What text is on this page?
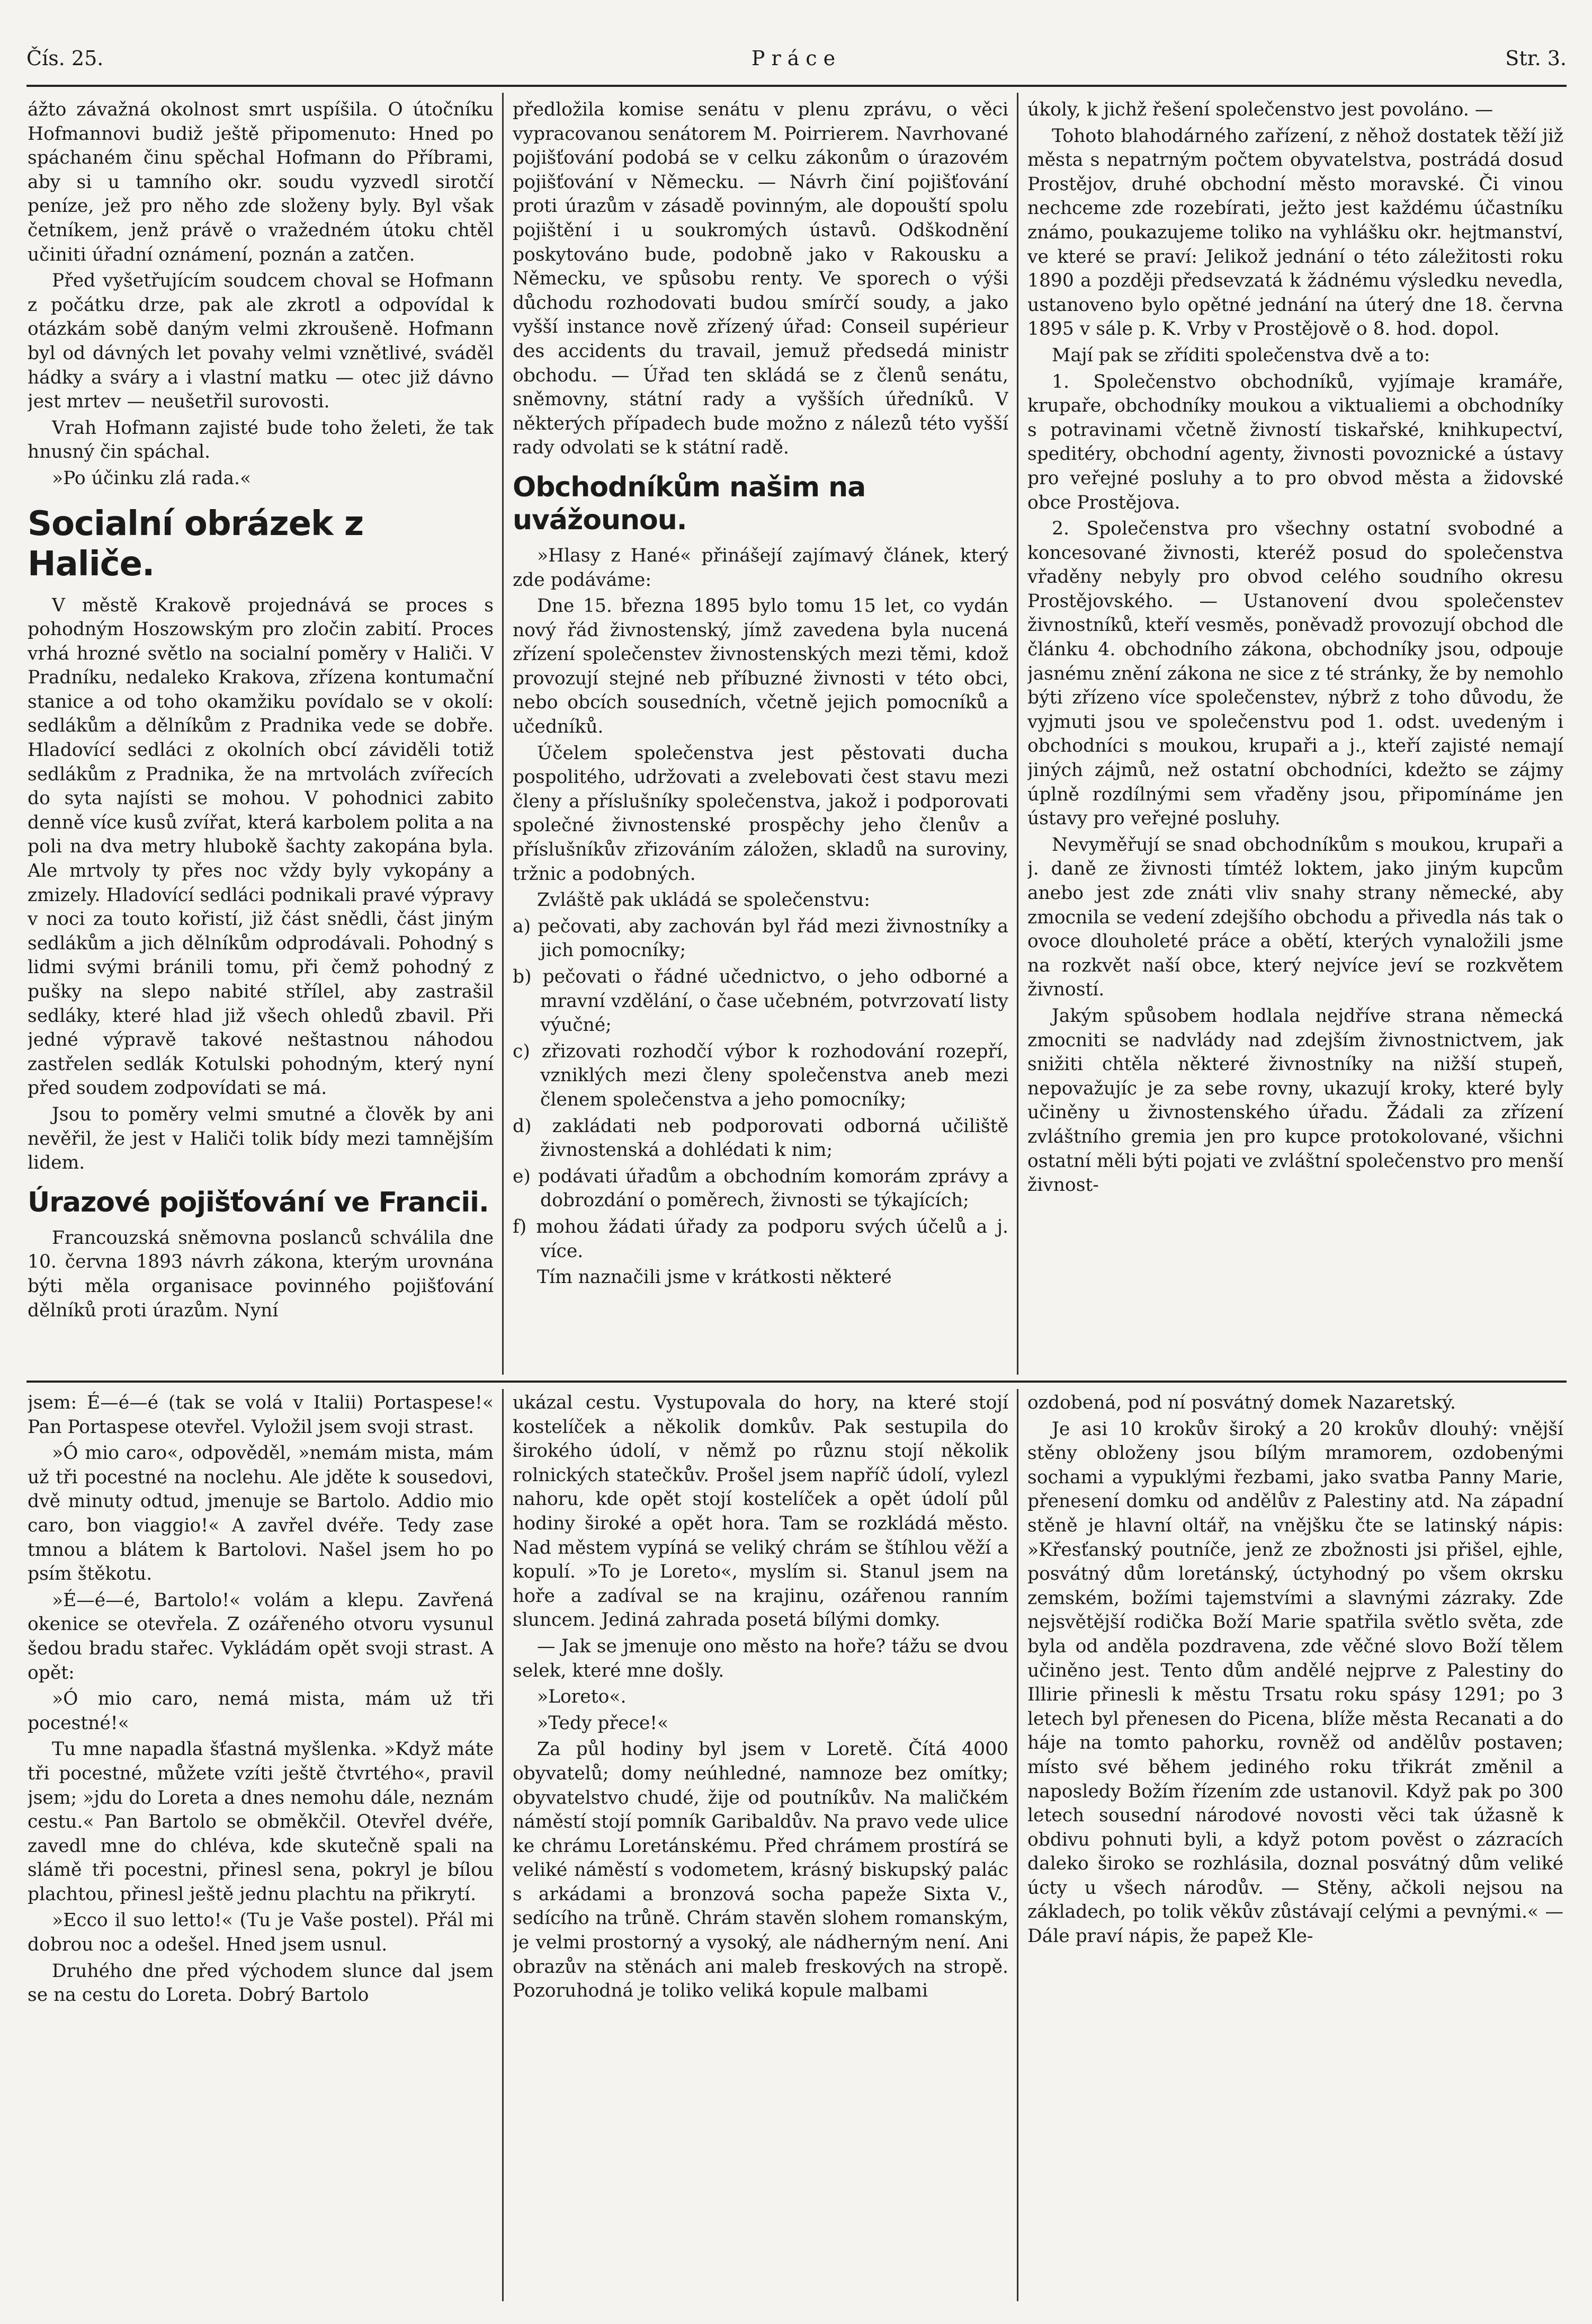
Čís. 25.	Práce	Str. 3.

ážto závažná okolnost smrt uspíšila. O útočníku Hofmannovi budiž ještě připomenuto: Hned po spáchaném činu spěchal Hofmann do Příbrami, aby si u tamního okr. soudu vyzvedl sirotčí peníze, jež pro něho zde složeny byly. Byl však četníkem, jenž právě o vražedném útoku chtěl učiniti úřadní oznámení, poznán a zatčen.

Před vyšetřujícím soudcem choval se Hofmann z počátku drze, pak ale zkrotl a odpovídal k otázkám sobě daným velmi zkroušeně. Hofmann byl od dávných let povahy velmi vznětlivé, sváděl hádky a sváry a i vlastní matku — otec již dávno jest mrtev — neušetřil surovosti.

Vrah Hofmann zajisté bude toho želeti, že tak hnusný čin spáchal.

»Po účinku zlá rada.«

Socialní obrázek z Haliče.

V městě Krakově projednává se proces s pohodným Hoszowským pro zločin zabití. Proces vrhá hrozné světlo na socialní poměry v Haliči. V Pradníku, nedaleko Krakova, zřízena kontumační stanice a od toho okamžiku povídalo se v okolí: sedlákům a dělníkům z Pradnika vede se dobře. Hladovící sedláci z okolních obcí záviděli totiž sedlákům z Pradnika, že na mrtvolách zvířecích do syta najísti se mohou. V pohodnici zabito denně více kusů zvířat, která karbolem polita a na poli na dva metry hlubokě šachty zakopána byla. Ale mrtvoly ty přes noc vždy byly vykopány a zmizely. Hladovící sedláci podnikali pravé výpravy v noci za touto kořistí, již část snědli, část jiným sedlákům a jich dělníkům odprodávali. Pohodný s lidmi svými bránili tomu, při čemž pohodný z pušky na slepo nabité střílel, aby zastrašil sedláky, které hlad již všech ohledů zbavil. Při jedné výpravě takové neštastnou náhodou zastřelen sedlák Kotulski pohodným, který nyní před soudem zodpovídati se má.

Jsou to poměry velmi smutné a člověk by ani nevěřil, že jest v Haliči tolik bídy mezi tamnějším lidem.

Úrazové pojišťování ve Francii.

Francouzská sněmovna poslanců schválila dne 10. června 1893 návrh zákona, kterým urovnána býti měla organisace povinného pojišťování dělníků proti úrazům. Nyní

předložila komise senátu v plenu zprávu, o věci vypracovanou senátorem M. Poirrierem. Navrhované pojišťování podobá se v celku zákonům o úrazovém pojišťování v Německu. — Návrh činí pojišťování proti úrazům v zásadě povinným, ale dopouští spolu pojištění i u soukromých ústavů. Odškodnění poskytováno bude, podobně jako v Rakousku a Německu, ve spůsobu renty. Ve sporech o výši důchodu rozhodovati budou smírčí soudy, a jako vyšší instance nově zřízený úřad: Conseil supérieur des accidents du travail, jemuž předsedá ministr obchodu. — Úřad ten skládá se z členů senátu, sněmovny, státní rady a vyšších úředníků. V některých případech bude možno z nálezů této vyšší rady odvolati se k státní radě.

Obchodníkům našim na uvážounou.

»Hlasy z Hané« přinášejí zajímavý článek, který zde podáváme:

Dne 15. března 1895 bylo tomu 15 let, co vydán nový řád živnostenský, jímž zavedena byla nucená zřízení společenstev živnostenských mezi těmi, kdož provozují stejné neb příbuzné živnosti v této obci, nebo obcích sousedních, včetně jejich pomocníků a učedníků.

Účelem společenstva jest pěstovati ducha pospolitého, udržovati a zvelebovati čest stavu mezi členy a příslušníky společenstva, jakož i podporovati společné živnostenské prospěchy jeho členův a příslušníkův zřizováním záložen, skladů na suroviny, tržnic a podobných.

Zvláště pak ukládá se společenstvu:

a) pečovati, aby zachován byl řád mezi živnostníky a jich pomocníky;
b) pečovati o řádné učednictvo, o jeho odborné a mravní vzdělání, o čase učebném, potvrzovatí listy výučné;
c) zřizovati rozhodčí výbor k rozhodování rozepří, vzniklých mezi členy společenstva aneb mezi členem společenstva a jeho pomocníky;
d) zakládati neb podporovati odborná učiliště živnostenská a dohlédati k nim;
e) podávati úřadům a obchodním komorám zprávy a dobrozdání o poměrech, živnosti se týkajících;
f) mohou žádati úřady za podporu svých účelů a j. více.

Tím naznačili jsme v krátkosti některé

úkoly, k jichž řešení společenstvo jest povoláno. —

Tohoto blahodárného zařízení, z něhož dostatek těží již města s nepatrným počtem obyvatelstva, postrádá dosud Prostějov, druhé obchodní město moravské. Či vinou nechceme zde rozebírati, ježto jest každému účastníku známo, poukazujeme toliko na vyhlášku okr. hejtmanství, ve které se praví: Jelikož jednání o této záležitosti roku 1890 a později předsevzatá k žádnému výsledku nevedla, ustanoveno bylo opětné jednání na úterý dne 18. června 1895 v sále p. K. Vrby v Prostějově o 8. hod. dopol.

Mají pak se zříditi společenstva dvě a to:

1. Společenstvo obchodníků, vyjímaje kramáře, krupaře, obchodníky moukou a viktualiemi a obchodníky s potravinami včetně živností tiskařské, knihkupectví, speditéry, obchodní agenty, živnosti povoznické a ústavy pro veřejné posluhy a to pro obvod města a židovské obce Prostějova.

2. Společenstva pro všechny ostatní svobodné a koncesované živnosti, kteréž posud do společenstva vřaděny nebyly pro obvod celého soudního okresu Prostějovského. — Ustanovení dvou společenstev živnostníků, kteří vesměs, poněvadž provozují obchod dle článku 4. obchodního zákona, obchodníky jsou, odpouje jasnému znění zákona ne sice z té stránky, že by nemohlo býti zřízeno více společenstev, nýbrž z toho důvodu, že vyjmuti jsou ve společenstvu pod 1. odst. uvedeným i obchodníci s moukou, krupaři a j., kteří zajisté nemají jiných zájmů, než ostatní obchodníci, kdežto se zájmy úplně rozdílnými sem vřaděny jsou, připomínáme jen ústavy pro veřejné posluhy.

Nevyměřují se snad obchodníkům s moukou, krupaři a j. daně ze živnosti tímtéž loktem, jako jiným kupcům anebo jest zde znáti vliv snahy strany německé, aby zmocnila se vedení zdejšího obchodu a přivedla nás tak o ovoce dlouholeté práce a obětí, kterých vynaložili jsme na rozkvět naší obce, který nejvíce jeví se rozkvětem živností.

Jakým spůsobem hodlala nejdříve strana německá zmocniti se nadvlády nad zdejším živnostnictvem, jak snižiti chtěla některé živnostníky na nižší stupeň, nepovažujíc je za sebe rovny, ukazují kroky, které byly učiněny u živnostenského úřadu. Žádali za zřízení zvláštního gremia jen pro kupce protokolované, všichni ostatní měli býti pojati ve zvláštní společenstvo pro menší živnost-

jsem: É—é—é (tak se volá v Italii) Portaspese!« Pan Portaspese otevřel. Vyložil jsem svoji strast.

»Ó mio caro«, odpověděl, »nemám mista, mám už tři pocestné na noclehu. Ale jděte k sousedovi, dvě minuty odtud, jmenuje se Bartolo. Addio mio caro, bon viaggio!« A zavřel dvéře. Tedy zase tmnou a blátem k Bartolovi. Našel jsem ho po psím štěkotu.

»É—é—é, Bartolo!« volám a klepu. Zavřená okenice se otevřela. Z ozářeného otvoru vysunul šedou bradu stařec. Vykládám opět svoji strast. A opět:

»Ó mio caro, nemá mista, mám už tři pocestné!«

Tu mne napadla šťastná myšlenka. »Když máte tři pocestné, můžete vzíti ještě čtvrtého«, pravil jsem; »jdu do Loreta a dnes nemohu dále, neznám cestu.« Pan Bartolo se obměkčil. Otevřel dvéře, zavedl mne do chléva, kde skutečně spali na slámě tři pocestni, přinesl sena, pokryl je bílou plachtou, přinesl ještě jednu plachtu na přikrytí.

»Ecco il suo letto!« (Tu je Vaše postel). Přál mi dobrou noc a odešel. Hned jsem usnul.

Druhého dne před východem slunce dal jsem se na cestu do Loreta. Dobrý Bartolo

ukázal cestu. Vystupovala do hory, na které stojí kostelíček a několik domkův. Pak sestupila do širokého údolí, v němž po různu stojí několik rolnických statečkův. Prošel jsem napříč údolí, vylezl nahoru, kde opět stojí kostelíček a opět údolí půl hodiny široké a opět hora. Tam se rozkládá město. Nad městem vypíná se veliký chrám se štíhlou věží a kopulí. »To je Loreto«, myslím si. Stanul jsem na hoře a zadíval se na krajinu, ozářenou ranním sluncem. Jediná zahrada posetá bílými domky.

— Jak se jmenuje ono město na hoře? tážu se dvou selek, které mne došly.

»Loreto«.

»Tedy přece!«

Za půl hodiny byl jsem v Loretě. Čítá 4000 obyvatelů; domy neúhledné, namnoze bez omítky; obyvatelstvo chudé, žije od poutníkův. Na maličkém náměstí stojí pomník Garibaldův. Na pravo vede ulice ke chrámu Loretánskému. Před chrámem prostírá se veliké náměstí s vodometem, krásný biskupský palác s arkádami a bronzová socha papeže Sixta V., sedícího na trůně. Chrám stavěn slohem romanským, je velmi prostorný a vysoký, ale nádherným není. Ani obrazův na stěnách ani maleb freskových na stropě. Pozoruhodná je toliko veliká kopule malbami

ozdobená, pod ní posvátný domek Nazaretský.

Je asi 10 krokův široký a 20 krokův dlouhý: vnější stěny obloženy jsou bílým mramorem, ozdobenými sochami a vypuklými řezbami, jako svatba Panny Marie, přenesení domku od andělův z Palestiny atd. Na západní stěně je hlavní oltář, na vnějšku čte se latinský nápis: »Křesťanský poutníče, jenž ze zbožnosti jsi přišel, ejhle, posvátný dům loretánský, úctyhodný po všem okrsku zemském, božími tajemstvími a slavnými zázraky. Zde nejsvětější rodička Boží Marie spatřila světlo světa, zde byla od anděla pozdravena, zde věčné slovo Boží tělem učiněno jest. Tento dům andělé nejprve z Palestiny do Illirie přinesli k městu Trsatu roku spásy 1291; po 3 letech byl přenesen do Picena, blíže města Recanati a do háje na tomto pahorku, rovněž od andělův postaven; místo své během jediného roku třikrát změnil a naposledy Božím řízením zde ustanovil. Když pak po 300 letech sousední národové novosti věci tak úžasně k obdivu pohnuti byli, a když potom pověst o zázracích daleko široko se rozhlásila, doznal posvátný dům veliké úcty u všech národův. — Stěny, ačkoli nejsou na základech, po tolik věkův zůstávají celými a pevnými.« — Dále praví nápis, že papež Kle-
